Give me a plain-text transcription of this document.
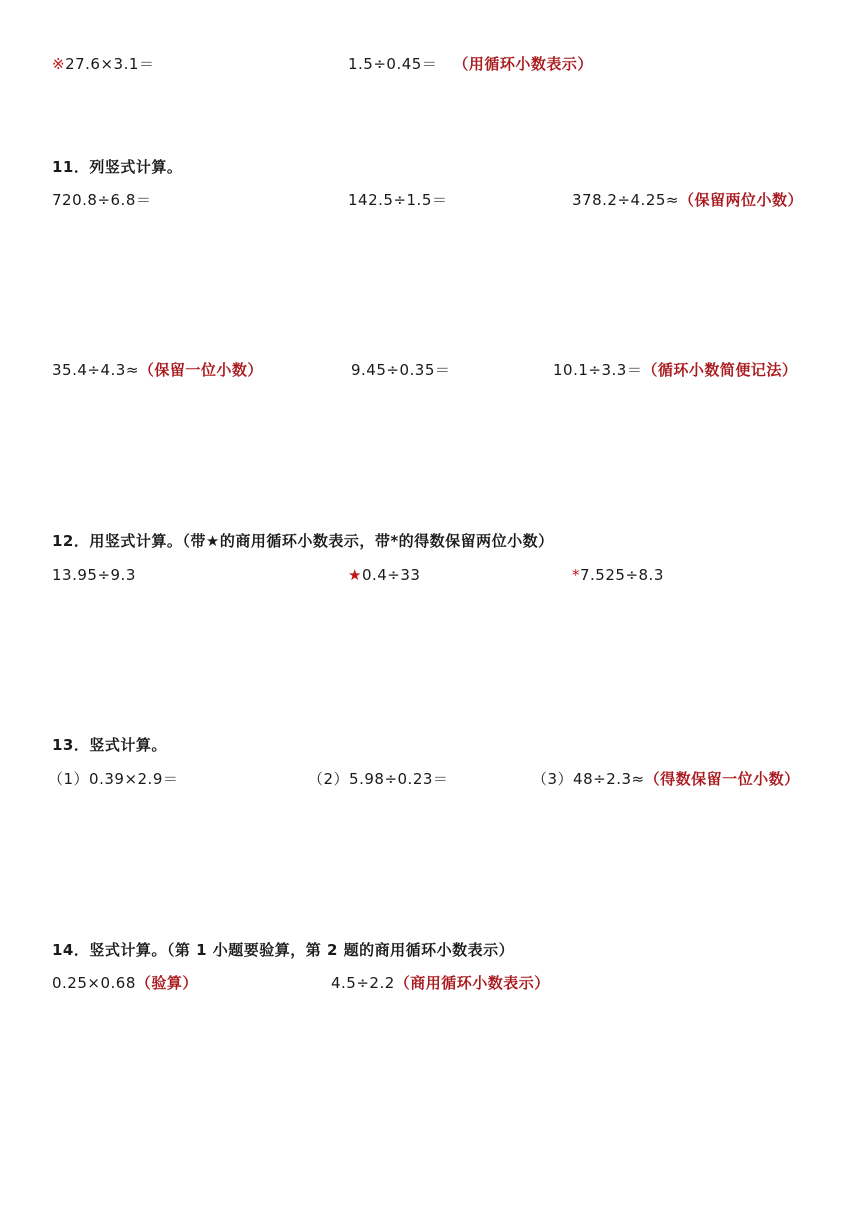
※27.6×3.1＝	1.5÷0.45＝ （用循环小数表示）
11．列竖式计算。
720.8÷6.8＝	142.5÷1.5＝	378.2÷4.25≈（保留两位小数）
35.4÷4.3≈（保留一位小数）	9.45÷0.35＝	10.1÷3.3＝（循环小数简便记法）
12．用竖式计算。（带★的商用循环小数表示，带*的得数保留两位小数）
13.95÷9.3	★0.4÷33	*7.525÷8.3
13．竖式计算。
（1）0.39×2.9＝	（2）5.98÷0.23＝	（3）48÷2.3≈（得数保留一位小数）
14．竖式计算。（第 1 小题要验算，第 2 题的商用循环小数表示）
0.25×0.68（验算）	4.5÷2.2（商用循环小数表示）
